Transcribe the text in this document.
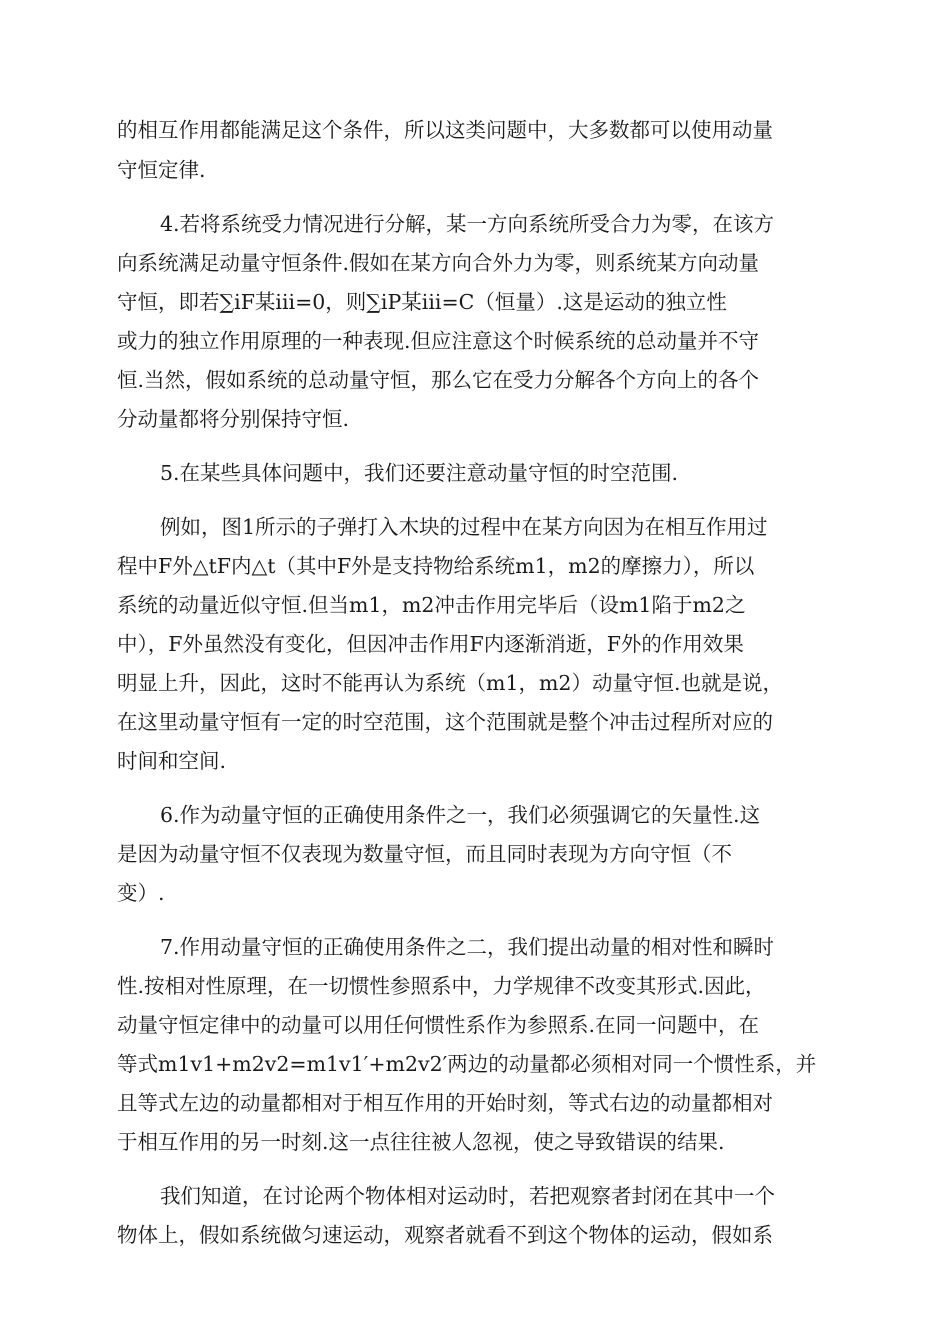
的相互作用都能满足这个条件，所以这类问题中，大多数都可以使用动量
守恒定律.
4.若将系统受力情况进行分解，某一方向系统所受合力为零，在该方
向系统满足动量守恒条件.假如在某方向合外力为零，则系统某方向动量
守恒，即若∑iF某iii=0，则∑iP某iii=C（恒量）.这是运动的独立性
或力的独立作用原理的一种表现.但应注意这个时候系统的总动量并不守
恒.当然，假如系统的总动量守恒，那么它在受力分解各个方向上的各个
分动量都将分别保持守恒.
5.在某些具体问题中，我们还要注意动量守恒的时空范围.
例如，图1所示的子弹打入木块的过程中在某方向因为在相互作用过
程中F外△tF内△t（其中F外是支持物给系统m1，m2的摩擦力），所以
系统的动量近似守恒.但当m1，m2冲击作用完毕后（设m1陷于m2之
中），F外虽然没有变化，但因冲击作用F内逐渐消逝，F外的作用效果
明显上升，因此，这时不能再认为系统（m1，m2）动量守恒.也就是说，
在这里动量守恒有一定的时空范围，这个范围就是整个冲击过程所对应的
时间和空间.
6.作为动量守恒的正确使用条件之一，我们必须强调它的矢量性.这
是因为动量守恒不仅表现为数量守恒，而且同时表现为方向守恒（不
变）.
7.作用动量守恒的正确使用条件之二，我们提出动量的相对性和瞬时
性.按相对性原理，在一切惯性参照系中，力学规律不改变其形式.因此，
动量守恒定律中的动量可以用任何惯性系作为参照系.在同一问题中，在
等式m1v1+m2v2=m1v1′+m2v2′两边的动量都必须相对同一个惯性系，并
且等式左边的动量都相对于相互作用的开始时刻，等式右边的动量都相对
于相互作用的另一时刻.这一点往往被人忽视，使之导致错误的结果.
我们知道，在讨论两个物体相对运动时，若把观察者封闭在其中一个
物体上，假如系统做匀速运动，观察者就看不到这个物体的运动，假如系
